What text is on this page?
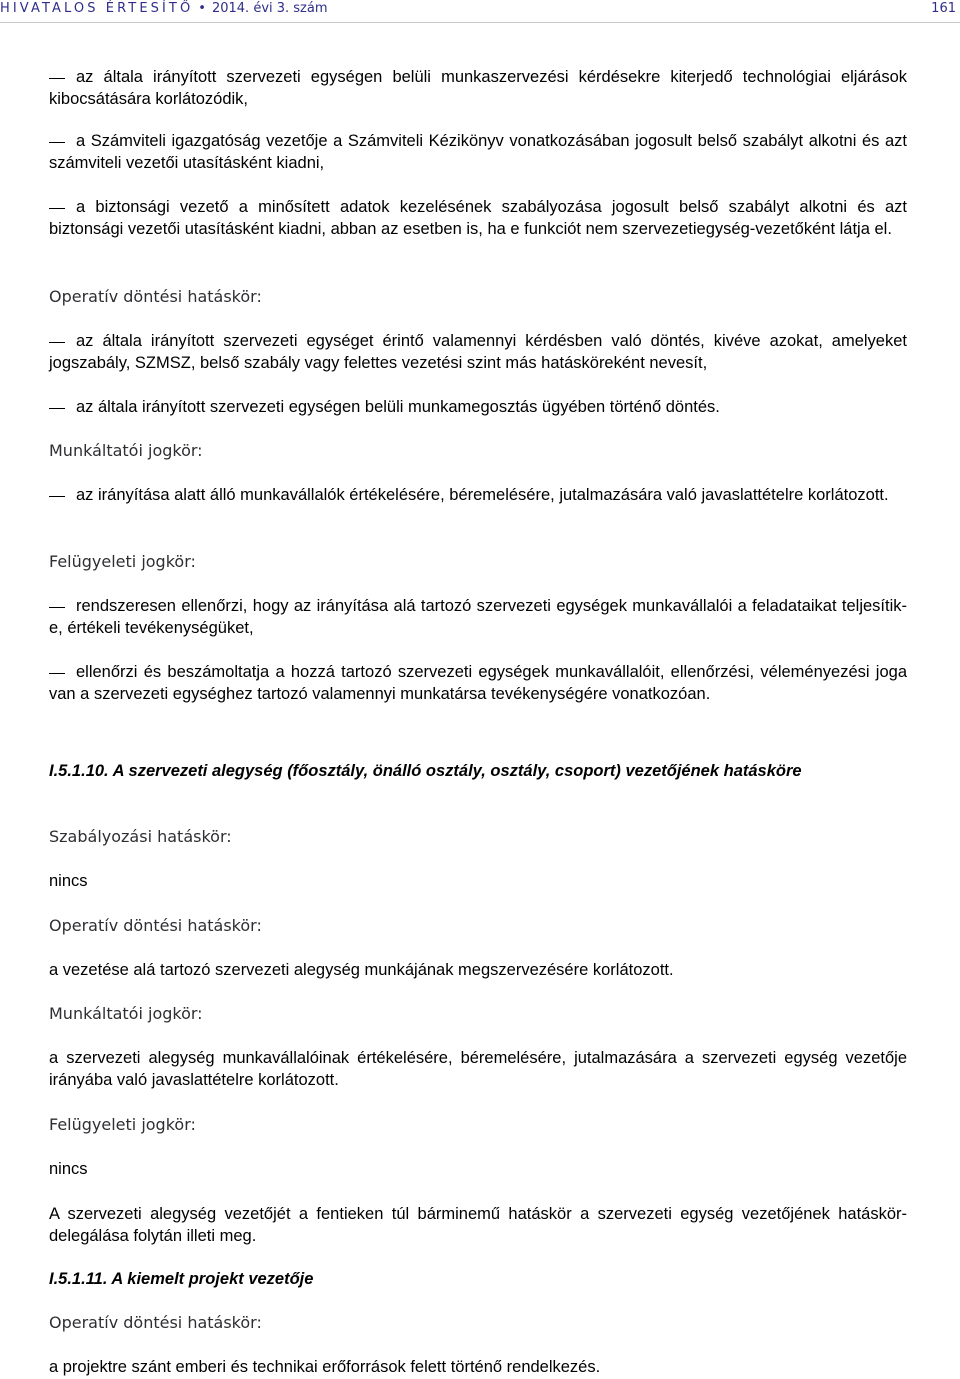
HIVATALOS ÉRTESÍTŐ • 2014. évi 3. szám	161
az általa irányított szervezeti egységen belüli munkaszervezési kérdésekre kiterjedő technológiai eljárások kibocsátására korlátozódik,
a Számviteli igazgatóság vezetője a Számviteli Kézikönyv vonatkozásában jogosult belső szabályt alkotni és azt számviteli vezetői utasításként kiadni,
a biztonsági vezető a minősített adatok kezelésének szabályozása jogosult belső szabályt alkotni és azt biztonsági vezetői utasításként kiadni, abban az esetben is, ha e funkciót nem szervezetiegység-vezetőként látja el.
Operatív döntési hatáskör:
az általa irányított szervezeti egységet érintő valamennyi kérdésben való döntés, kivéve azokat, amelyeket jogszabály, SZMSZ, belső szabály vagy felettes vezetési szint más hatásköreként nevesít,
az általa irányított szervezeti egységen belüli munkamegosztás ügyében történő döntés.
Munkáltatói jogkör:
az irányítása alatt álló munkavállalók értékelésére, béremelésére, jutalmazására való javaslattételre korlátozott.
Felügyeleti jogkör:
rendszeresen ellenőrzi, hogy az irányítása alá tartozó szervezeti egységek munkavállalói a feladataikat teljesítik-e, értékeli tevékenységüket,
ellenőrzi és beszámoltatja a hozzá tartozó szervezeti egységek munkavállalóit, ellenőrzési, véleményezési joga van a szervezeti egységhez tartozó valamennyi munkatársa tevékenységére vonatkozóan.
I.5.1.10. A szervezeti alegység (főosztály, önálló osztály, osztály, csoport) vezetőjének hatásköre
Szabályozási hatáskör:
nincs
Operatív döntési hatáskör:
a vezetése alá tartozó szervezeti alegység munkájának megszervezésére korlátozott.
Munkáltatói jogkör:
a szervezeti alegység munkavállalóinak értékelésére, béremelésére, jutalmazására a szervezeti egység vezetője irányába való javaslattételre korlátozott.
Felügyeleti jogkör:
nincs
A szervezeti alegység vezetőjét a fentieken túl bárminemű hatáskör a szervezeti egység vezetőjének hatáskör-delegálása folytán illeti meg.
I.5.1.11. A kiemelt projekt vezetője
Operatív döntési hatáskör:
a projektre szánt emberi és technikai erőforrások felett történő rendelkezés.
